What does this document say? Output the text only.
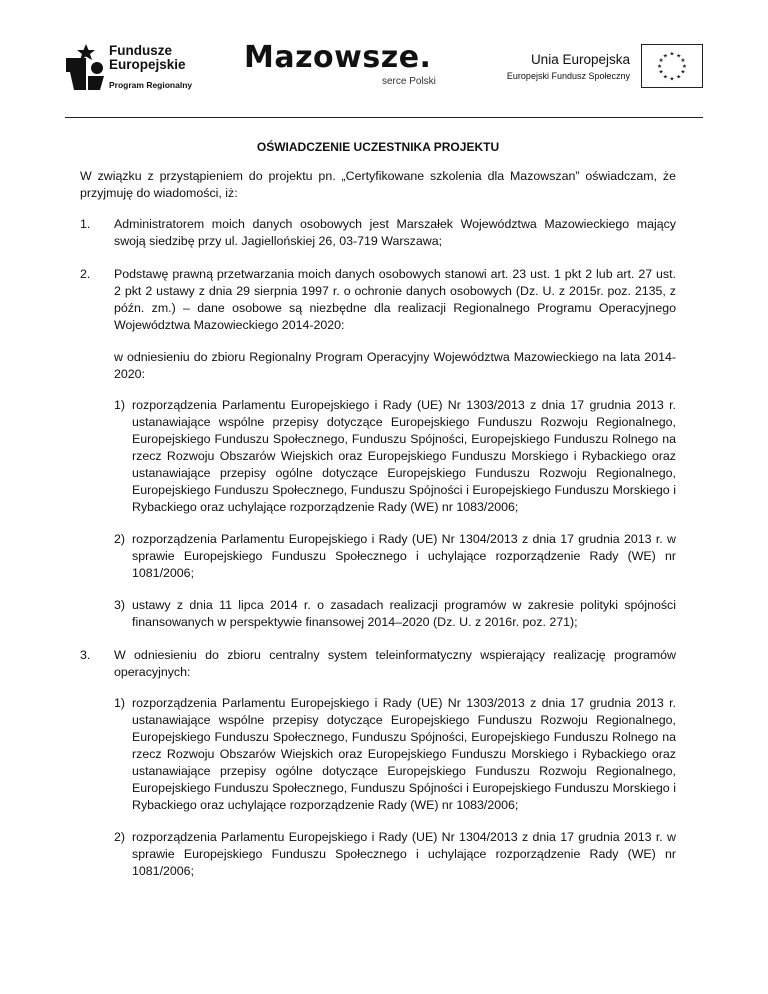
Fundusze
Europejskie
Program Regionalny
Mazowsze.
serce Polski
Unia Europejska
Europejski Fundusz Społeczny
★ ★
★
★
★
★
★
★
★
★
★
★
OŚWIADCZENIE UCZESTNIKA PROJEKTU

W związku z przystąpieniem do projektu pn. „Certyfikowane szkolenia dla Mazowszan” oświadczam, że przyjmuję do wiadomości, iż:

1. Administratorem moich danych osobowych jest Marszałek Województwa Mazowieckiego mający swoją siedzibę przy ul. Jagiellońskiej 26, 03-719 Warszawa;

2. Podstawę prawną przetwarzania moich danych osobowych stanowi art. 23 ust. 1 pkt 2 lub art. 27 ust. 2 pkt 2 ustawy z dnia 29 sierpnia 1997 r. o ochronie danych osobowych (Dz. U. z 2015r. poz. 2135, z późn. zm.) – dane osobowe są niezbędne dla realizacji Regionalnego Programu Operacyjnego Województwa Mazowieckiego 2014-2020:

w odniesieniu do zbioru Regionalny Program Operacyjny Województwa Mazowieckiego na lata 2014-2020:

1) rozporządzenia Parlamentu Europejskiego i Rady (UE) Nr 1303/2013 z dnia 17 grudnia 2013 r. ustanawiające wspólne przepisy dotyczące Europejskiego Funduszu Rozwoju Regionalnego, Europejskiego Funduszu Społecznego, Funduszu Spójności, Europejskiego Funduszu Rolnego na rzecz Rozwoju Obszarów Wiejskich oraz Europejskiego Funduszu Morskiego i Rybackiego oraz ustanawiające przepisy ogólne dotyczące Europejskiego Funduszu Rozwoju Regionalnego, Europejskiego Funduszu Społecznego, Funduszu Spójności i Europejskiego Funduszu Morskiego i Rybackiego oraz uchylające rozporządzenie Rady (WE) nr 1083/2006;

2) rozporządzenia Parlamentu Europejskiego i Rady (UE) Nr 1304/2013 z dnia 17 grudnia 2013 r. w sprawie Europejskiego Funduszu Społecznego i uchylające rozporządzenie Rady (WE) nr 1081/2006;

3) ustawy z dnia 11 lipca 2014 r. o zasadach realizacji programów w zakresie polityki spójności finansowanych w perspektywie finansowej 2014–2020 (Dz. U. z 2016r. poz. 271);

3. W odniesieniu do zbioru centralny system teleinformatyczny wspierający realizację programów operacyjnych:

1) rozporządzenia Parlamentu Europejskiego i Rady (UE) Nr 1303/2013 z dnia 17 grudnia 2013 r. ustanawiające wspólne przepisy dotyczące Europejskiego Funduszu Rozwoju Regionalnego, Europejskiego Funduszu Społecznego, Funduszu Spójności, Europejskiego Funduszu Rolnego na rzecz Rozwoju Obszarów Wiejskich oraz Europejskiego Funduszu Morskiego i Rybackiego oraz ustanawiające przepisy ogólne dotyczące Europejskiego Funduszu Rozwoju Regionalnego, Europejskiego Funduszu Społecznego, Funduszu Spójności i Europejskiego Funduszu Morskiego i Rybackiego oraz uchylające rozporządzenie Rady (WE) nr 1083/2006;

2) rozporządzenia Parlamentu Europejskiego i Rady (UE) Nr 1304/2013 z dnia 17 grudnia 2013 r. w sprawie Europejskiego Funduszu Społecznego i uchylające rozporządzenie Rady (WE) nr 1081/2006;
